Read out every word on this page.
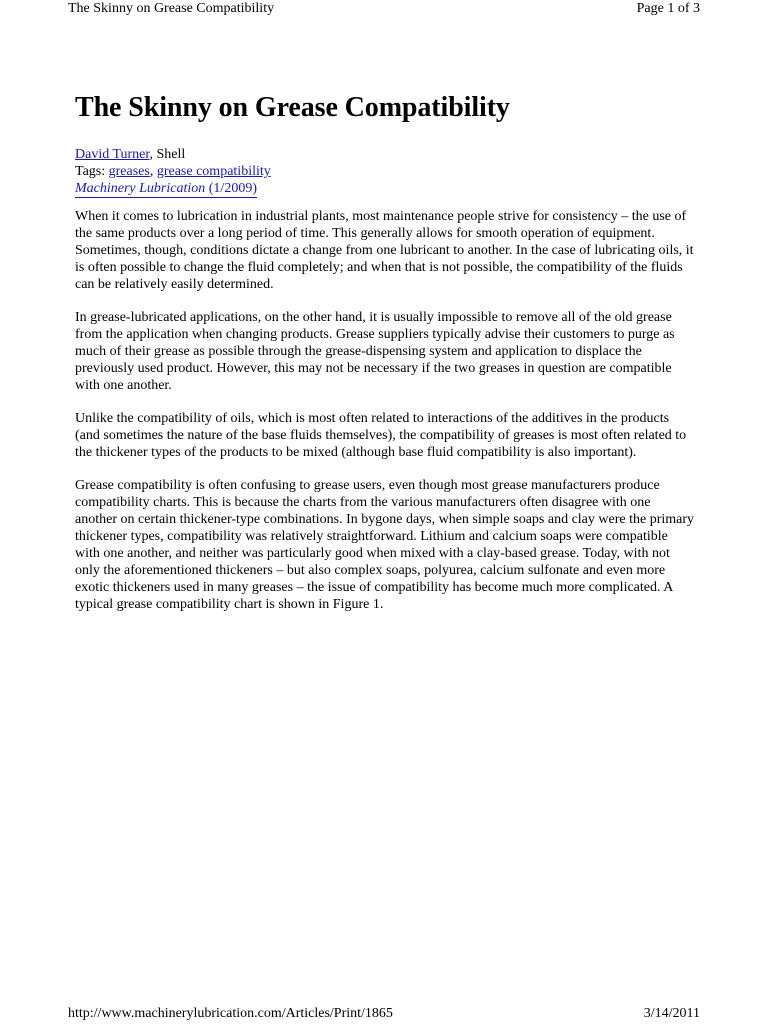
The Skinny on Grease Compatibility	Page 1 of 3
The Skinny on Grease Compatibility
David Turner, Shell
Tags: greases, grease compatibility
Machinery Lubrication (1/2009)

When it comes to lubrication in industrial plants, most maintenance people strive for consistency – the use of the same products over a long period of time. This generally allows for smooth operation of equipment. Sometimes, though, conditions dictate a change from one lubricant to another. In the case of lubricating oils, it is often possible to change the fluid completely; and when that is not possible, the compatibility of the fluids can be relatively easily determined.

In grease-lubricated applications, on the other hand, it is usually impossible to remove all of the old grease from the application when changing products. Grease suppliers typically advise their customers to purge as much of their grease as possible through the grease-dispensing system and application to displace the previously used product. However, this may not be necessary if the two greases in question are compatible with one another.

Unlike the compatibility of oils, which is most often related to interactions of the additives in the products (and sometimes the nature of the base fluids themselves), the compatibility of greases is most often related to the thickener types of the products to be mixed (although base fluid compatibility is also important).

Grease compatibility is often confusing to grease users, even though most grease manufacturers produce compatibility charts. This is because the charts from the various manufacturers often disagree with one another on certain thickener-type combinations. In bygone days, when simple soaps and clay were the primary thickener types, compatibility was relatively straightforward. Lithium and calcium soaps were compatible with one another, and neither was particularly good when mixed with a clay-based grease. Today, with not only the aforementioned thickeners – but also complex soaps, polyurea, calcium sulfonate and even more exotic thickeners used in many greases – the issue of compatibility has become much more complicated. A typical grease compatibility chart is shown in Figure 1.

http://www.machinerylubrication.com/Articles/Print/1865	3/14/2011
